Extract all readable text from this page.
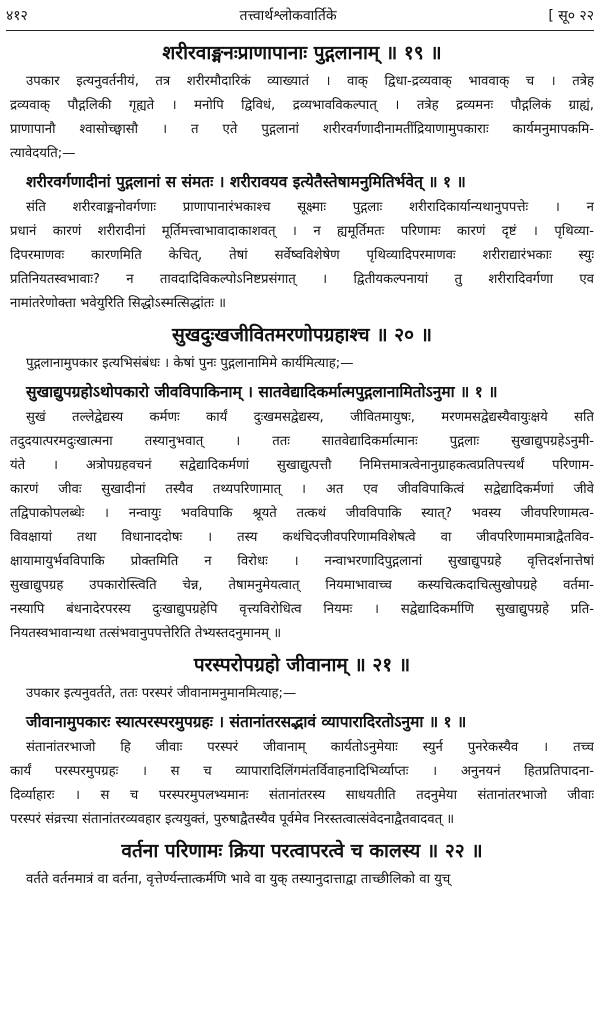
४१२	तत्त्वार्थश्लोकवार्तिके	[ सू० २२
शरीरवाङ्मनःप्राणापानाः पुद्गलानाम् ॥ १९ ॥
उपकार इत्यनुवर्तनीयं, तत्र शरीरमौदारिकं व्याख्यातं । वाक् द्विधा-द्रव्यवाक् भाववाक् च । तत्रेह
द्रव्यवाक् पौद्गलिकी गृह्यते । मनोपि द्विविधं, द्रव्यभावविकल्पात् । तत्रेह द्रव्यमनः पौद्गलिकं ग्राह्यं,
प्राणापानौ श्वासोच्छ्वासौ । त एते पुद्गलानां शरीरवर्गणादीनामतींद्रियाणामुपकाराः कार्यमनुमापकमि-
त्यावेदयति;—
शरीरवर्गणादीनां पुद्गलानां स संमतः । शरीरावयव इत्येतैस्तेषामनुमितिर्भवेत् ॥ १ ॥
संति शरीरवाङ्मनोवर्गणाः प्राणापानारंभकाश्च सूक्ष्माः पुद्गलाः शरीरादिकार्यान्यथानुपपत्तेः । न
प्रधानं कारणं शरीरादीनां मूर्तिमत्त्वाभावादाकाशवत् । न ह्यमूर्तिमतः परिणामः कारणं दृष्टं । पृथिव्या-
दिपरमाणवः कारणमिति केचित्, तेषां सर्वेष्वविशेषेण पृथिव्यादिपरमाणवः शरीराद्यारंभकाः स्युः
प्रतिनियतस्वभावाः? न तावदादिविकल्पोऽनिष्टप्रसंगात् । द्वितीयकल्पनायां तु शरीरादिवर्गणा एव
नामांतरेणोक्ता भवेयुरिति सिद्धोऽस्मत्सिद्धांतः ॥
सुखदुःखजीवितमरणोपग्रहाश्च ॥ २० ॥
पुद्गलानामुपकार इत्यभिसंबंधः । केषां पुनः पुद्गलानामिमे कार्यमित्याह;—
सुखाद्युपग्रहोऽथोपकारो जीवविपाकिनाम् । सातवेद्यादिकर्मात्मपुद्गलानामितोऽनुमा ॥ १ ॥
सुखं तल्लेद्वेद्यस्य कर्मणः कार्यं दुःखमसद्वेद्यस्य, जीवितमायुषः, मरणमसद्वेद्यस्यैवायुःक्षये सति
तदुदयात्परमदुःखात्मना तस्यानुभवात् । ततः सातवेद्यादिकर्मात्मानः पुद्गलाः सुखाद्युपग्रहेऽनुमी-
यंते । अत्रोपग्रहवचनं सद्वेद्यादिकर्मणां सुखाद्युत्पत्तौ निमित्तमात्रत्वेनानुग्राहकत्वप्रतिपत्त्यर्थं परिणाम-
कारणं जीवः सुखादीनां तस्यैव तथ्यपरिणामात् । अत एव जीवविपाकित्वं सद्वेद्यादिकर्मणां जीवे
तद्विपाकोपलब्धेः । नन्वायुः भवविपाकि श्रूयते तत्कथं जीवविपाकि स्यात्? भवस्य जीवपरिणामत्व-
विवक्षायां तथा विधानाददोषः । तस्य कथंचिदजीवपरिणामविशेषत्वे वा जीवपरिणाममात्राद्वैतविव-
क्षायामायुर्भवविपाकि प्रोक्तमिति न विरोधः । नन्वाभरणादिपुद्गलानां सुखाद्युपग्रहे वृत्तिदर्शनात्तेषां
सुखाद्युपग्रह उपकारोस्त्विति चेन्न, तेषामनुमेयत्वात् नियमाभावाच्च कस्यचित्कदाचित्सुखोपग्रहे वर्तमा-
नस्यापि बंधनादेरपरस्य दुःखाद्युपग्रहेपि वृत्त्यविरोधित्व नियमः । सद्वेद्यादिकर्माणि सुखाद्युपग्रहे प्रति-
नियतस्वभावान्यथा तत्संभवानुपपत्तेरिति तेभ्यस्तदनुमानम् ॥
परस्परोपग्रहो जीवानाम् ॥ २१ ॥
उपकार इत्यनुवर्तते, ततः परस्परं जीवानामनुमानमित्याह;—
जीवानामुपकारः स्यात्परस्परमुपग्रहः । संतानांतरसद्भावं व्यापारादिरतोऽनुमा ॥ १ ॥
संतानांतरभाजो हि जीवाः परस्परं जीवानाम् कार्यतोऽनुमेयाः स्युर्न पुनरेकस्यैव । तच्च
कार्यं परस्परमुपग्रहः । स च व्यापारादिलिंगमंतर्विवाहनादिभिर्व्याप्तः । अनुनयनं हितप्रतिपादना-
दिर्व्याहारः । स च परस्परमुपलभ्यमानः संतानांतरस्य साधयतीति तदनुमेया संतानांतरभाजो जीवाः
परस्परं संव्रत्त्या संतानांतरव्यवहार इत्ययुक्तं, पुरुषाद्वैतस्यैव पूर्वमेव निरस्तत्वात्संवेदनाद्वैतवादवत् ॥
वर्तना परिणामः क्रिया परत्वापरत्वे च कालस्य ॥ २२ ॥
वर्तते वर्तनमात्रं वा वर्तना, वृत्तेर्ण्यन्तात्कर्मणि भावे वा युक् तस्यानुदात्ताद्वा ताच्छीलिको वा युच्
